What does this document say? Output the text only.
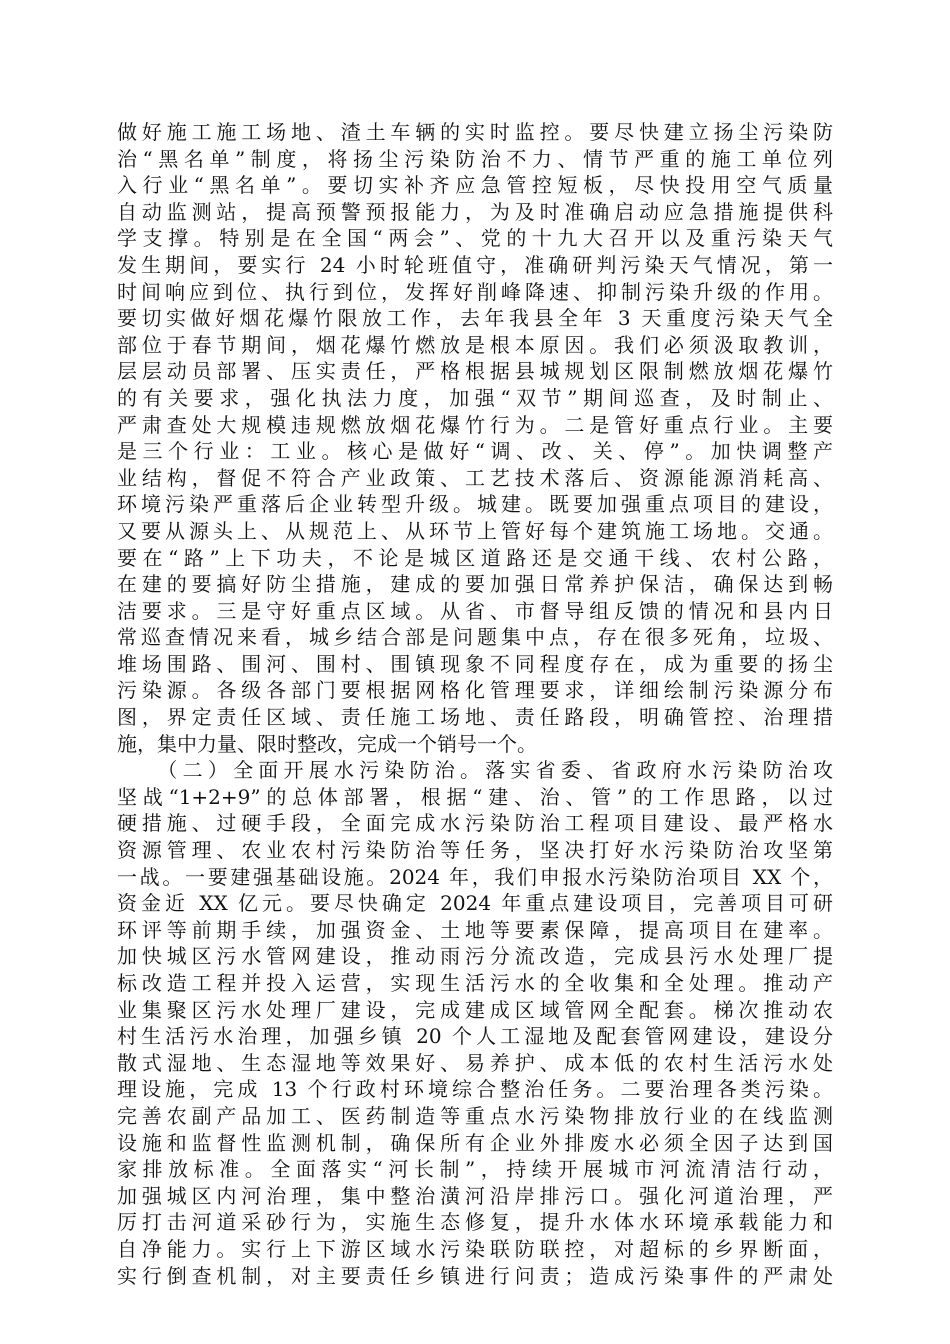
做好施工施工场地、渣土车辆的实时监控。要尽快建立扬尘污染防
治“黑名单”制度，将扬尘污染防治不力、情节严重的施工单位列
入行业“黑名单”。要切实补齐应急管控短板，尽快投用空气质量
自动监测站，提高预警预报能力，为及时准确启动应急措施提供科
学支撑。特别是在全国“两会”、党的十九大召开以及重污染天气
发生期间，要实行 24 小时轮班值守，准确研判污染天气情况，第一
时间响应到位、执行到位，发挥好削峰降速、抑制污染升级的作用。
要切实做好烟花爆竹限放工作，去年我县全年 3 天重度污染天气全
部位于春节期间，烟花爆竹燃放是根本原因。我们必须汲取教训，
层层动员部署、压实责任，严格根据县城规划区限制燃放烟花爆竹
的有关要求，强化执法力度，加强“双节”期间巡查，及时制止、
严肃查处大规模违规燃放烟花爆竹行为。二是管好重点行业。主要
是三个行业：工业。核心是做好“调、改、关、停”。加快调整产
业结构，督促不符合产业政策、工艺技术落后、资源能源消耗高、
环境污染严重落后企业转型升级。城建。既要加强重点项目的建设，
又要从源头上、从规范上、从环节上管好每个建筑施工场地。交通。
要在“路”上下功夫，不论是城区道路还是交通干线、农村公路，
在建的要搞好防尘措施，建成的要加强日常养护保洁，确保达到畅
洁要求。三是守好重点区域。从省、市督导组反馈的情况和县内日
常巡查情况来看，城乡结合部是问题集中点，存在很多死角，垃圾、
堆场围路、围河、围村、围镇现象不同程度存在，成为重要的扬尘
污染源。各级各部门要根据网格化管理要求，详细绘制污染源分布
图，界定责任区域、责任施工场地、责任路段，明确管控、治理措
施，集中力量、限时整改，完成一个销号一个。
　　（二）全面开展水污染防治。落实省委、省政府水污染防治攻
坚战“1+2+9”的总体部署，根据“建、治、管”的工作思路，以过
硬措施、过硬手段，全面完成水污染防治工程项目建设、最严格水
资源管理、农业农村污染防治等任务，坚决打好水污染防治攻坚第
一战。一要建强基础设施。2024 年，我们申报水污染防治项目 XX 个，
资金近 XX 亿元。要尽快确定 2024 年重点建设项目，完善项目可研
环评等前期手续，加强资金、土地等要素保障，提高项目在建率。
加快城区污水管网建设，推动雨污分流改造，完成县污水处理厂提
标改造工程并投入运营，实现生活污水的全收集和全处理。推动产
业集聚区污水处理厂建设，完成建成区域管网全配套。梯次推动农
村生活污水治理，加强乡镇 20 个人工湿地及配套管网建设，建设分
散式湿地、生态湿地等效果好、易养护、成本低的农村生活污水处
理设施，完成 13 个行政村环境综合整治任务。二要治理各类污染。
完善农副产品加工、医药制造等重点水污染物排放行业的在线监测
设施和监督性监测机制，确保所有企业外排废水必须全因子达到国
家排放标准。全面落实“河长制”，持续开展城市河流清洁行动，
加强城区内河治理，集中整治潢河沿岸排污口。强化河道治理，严
厉打击河道采砂行为，实施生态修复，提升水体水环境承载能力和
自净能力。实行上下游区域水污染联防联控，对超标的乡界断面，
实行倒查机制，对主要责任乡镇进行问责；造成污染事件的严肃处
